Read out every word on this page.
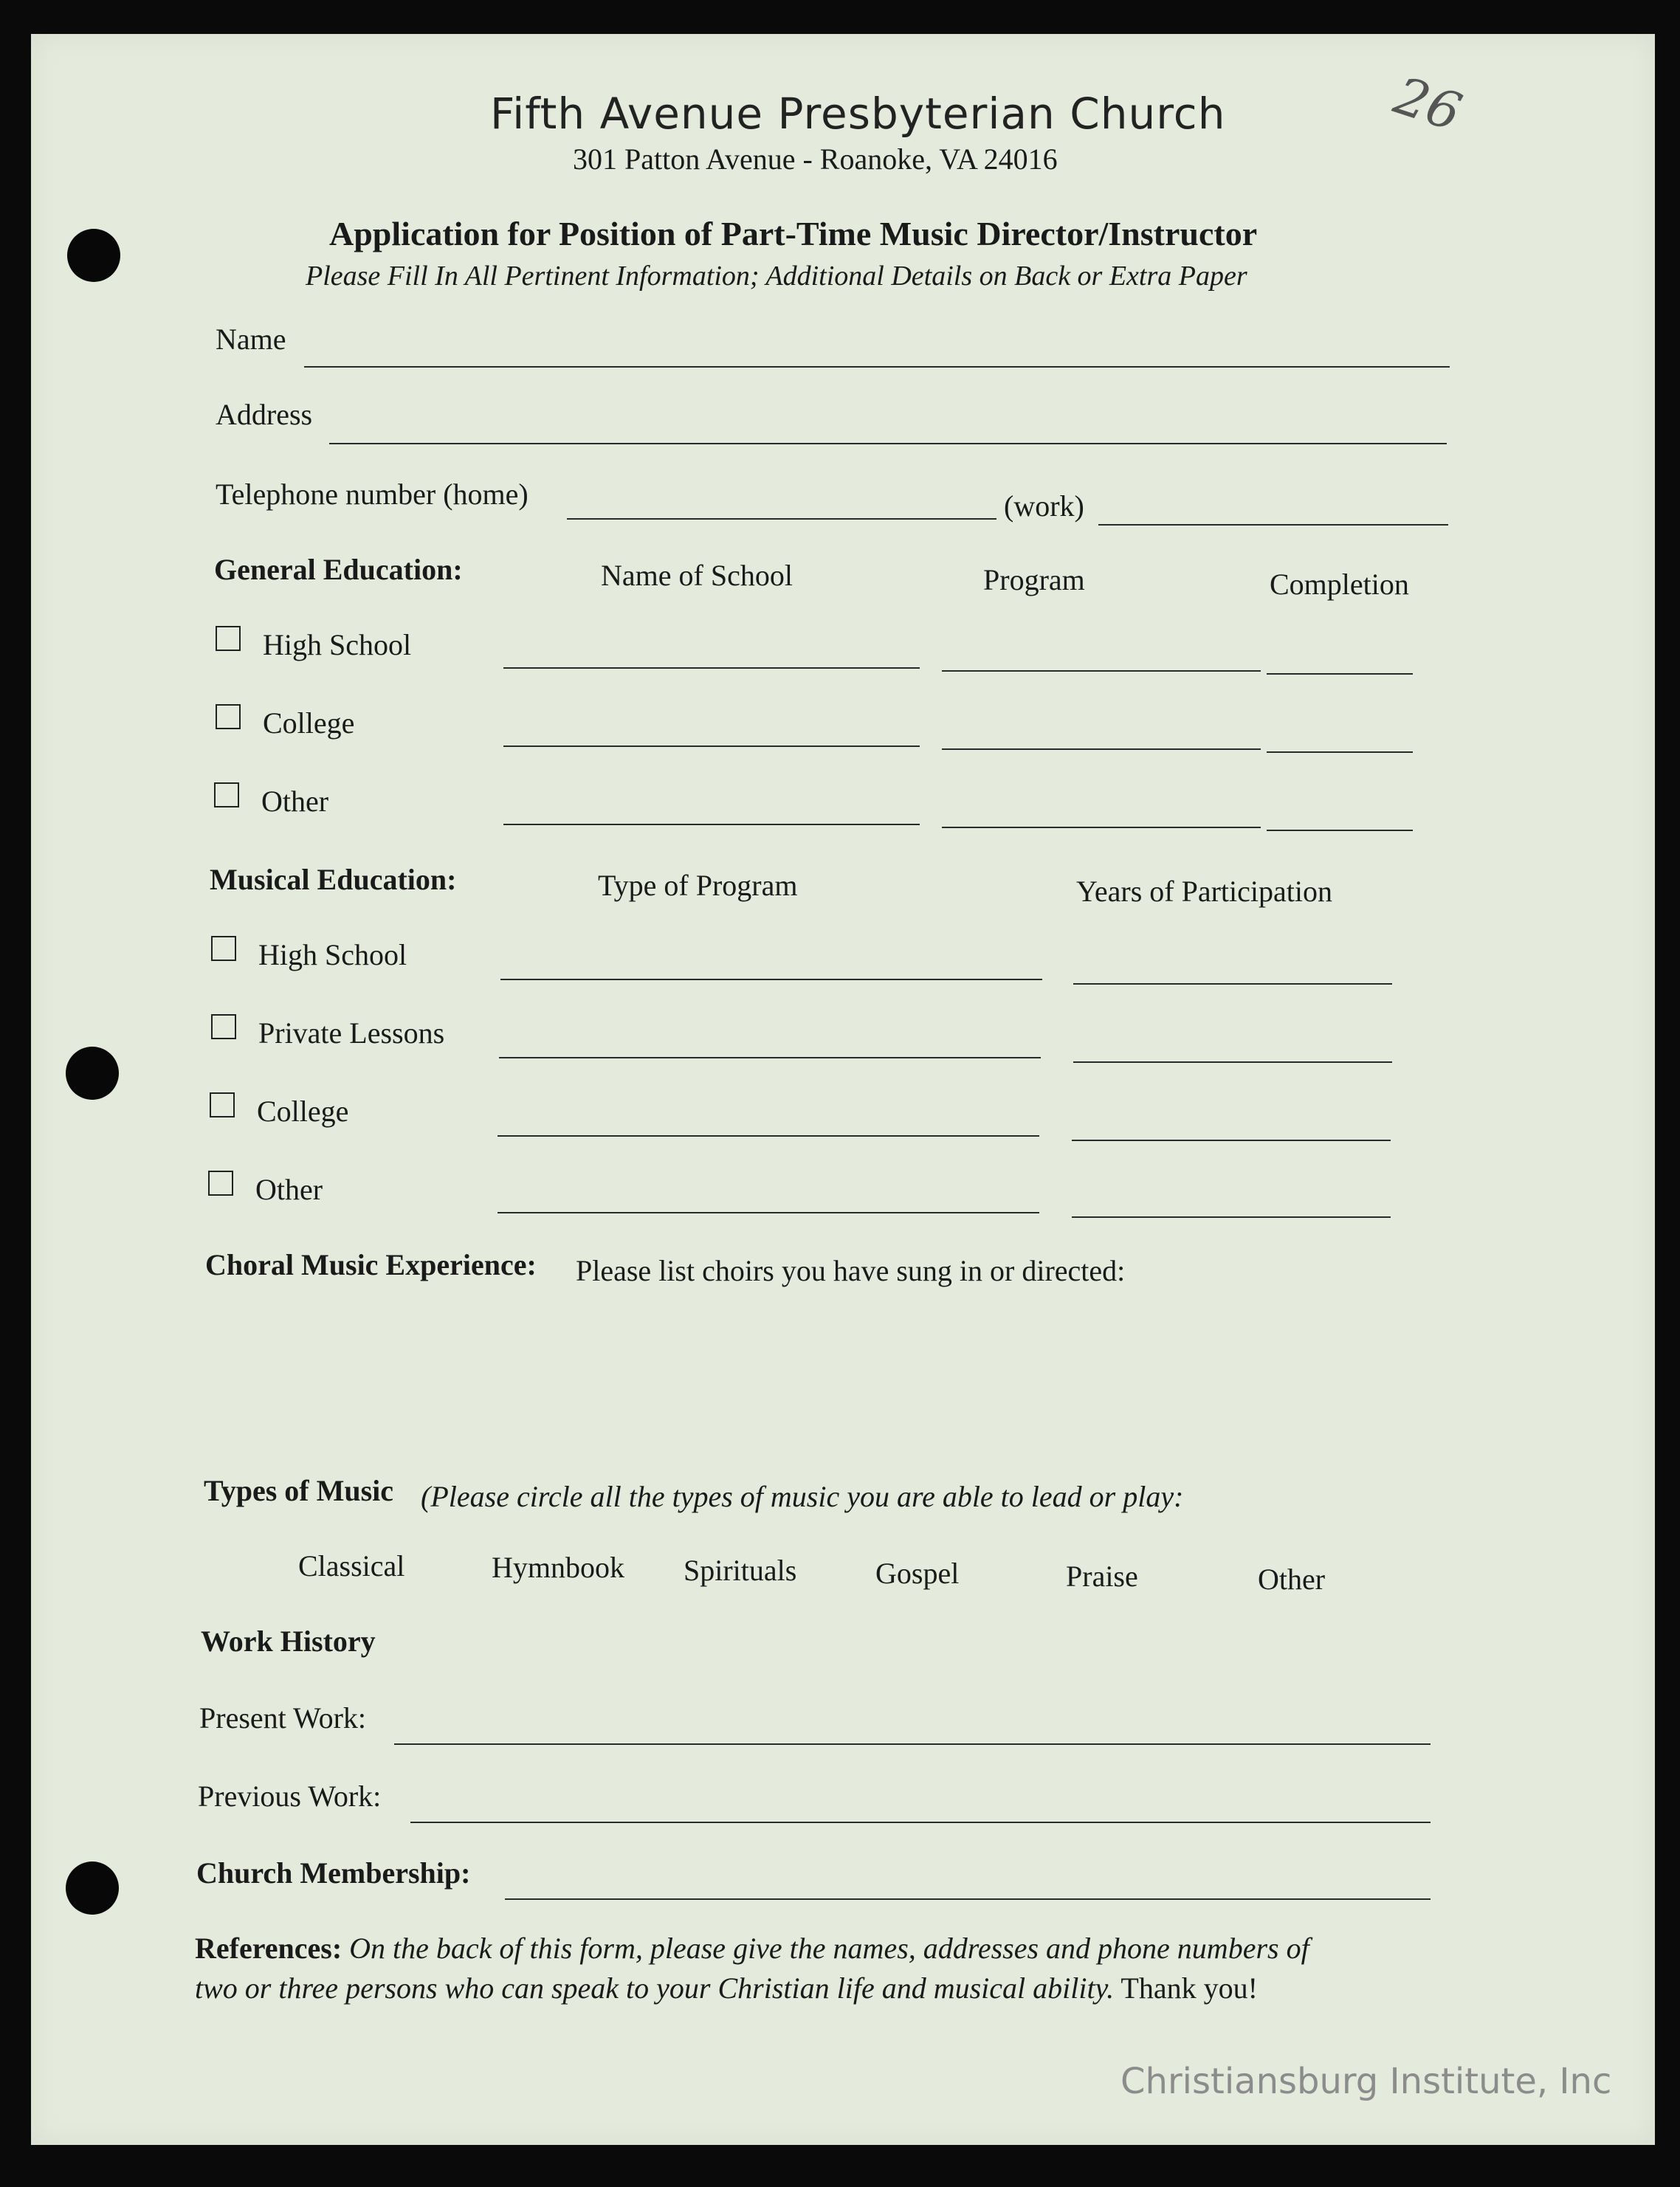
Fifth Avenue Presbyterian Church
301 Patton Avenue - Roanoke, VA 24016
26
Application for Position of Part-Time Music Director/Instructor
Please Fill In All Pertinent Information; Additional Details on Back or Extra Paper
Name
Address
Telephone number (home)	(work)
General Education:	Name of School	Program	Completion
High School
College
Other
Musical Education:	Type of Program	Years of Participation
High School
Private Lessons
College
Other
Choral Music Experience: Please list choirs you have sung in or directed:
Types of Music (Please circle all the types of music you are able to lead or play:
Classical	Hymnbook Spirituals	Gospel	Praise	Other
Work History
Present Work:
Previous Work:
Church Membership:
References: On the back of this form, please give the names, addresses and phone numbers of
two or three persons who can speak to your Christian life and musical ability. Thank you!
Christiansburg Institute, Inc
